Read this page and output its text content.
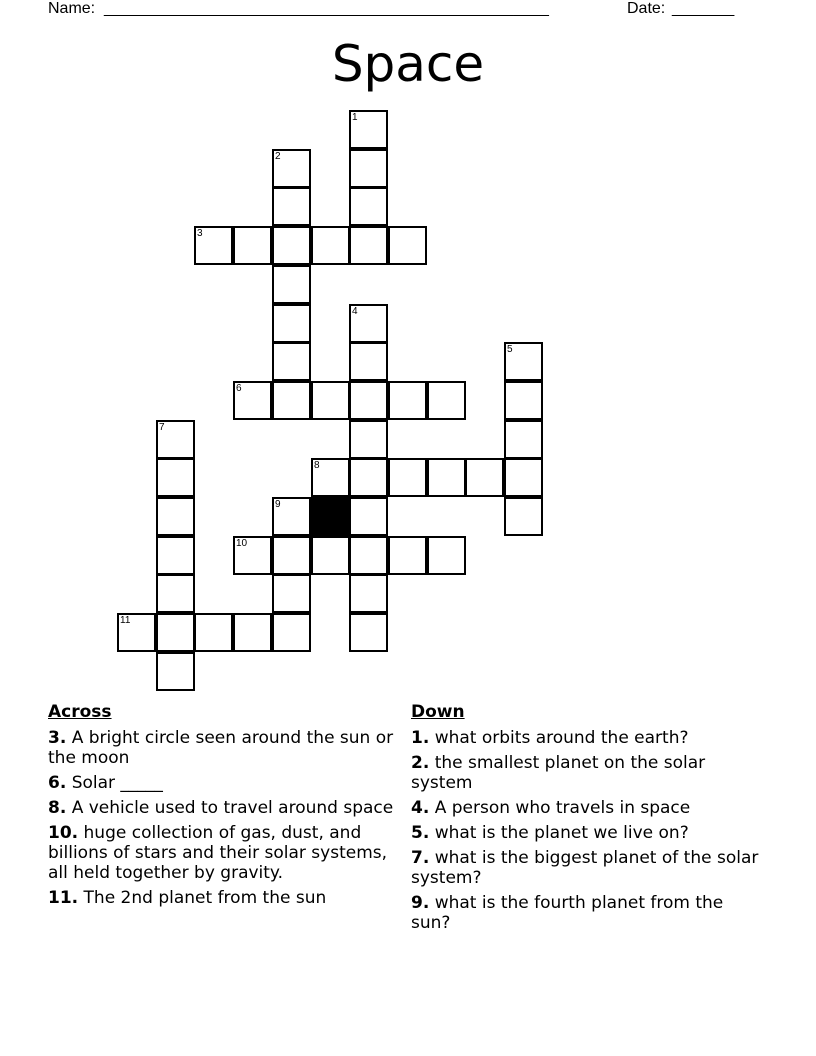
Name: __________________________________________________	Date: _______
Space
1
2
3
4
5
6
7
8
9
10
11
Across
3. A bright circle seen around the sun or the moon
6. Solar _____
8. A vehicle used to travel around space
10. huge collection of gas, dust, and billions of stars and their solar systems, all held together by gravity.
11. The 2nd planet from the sun
Down
1. what orbits around the earth?
2. the smallest planet on the solar system
4. A person who travels in space
5. what is the planet we live on?
7. what is the biggest planet of the solar system?
9. what is the fourth planet from the sun?
